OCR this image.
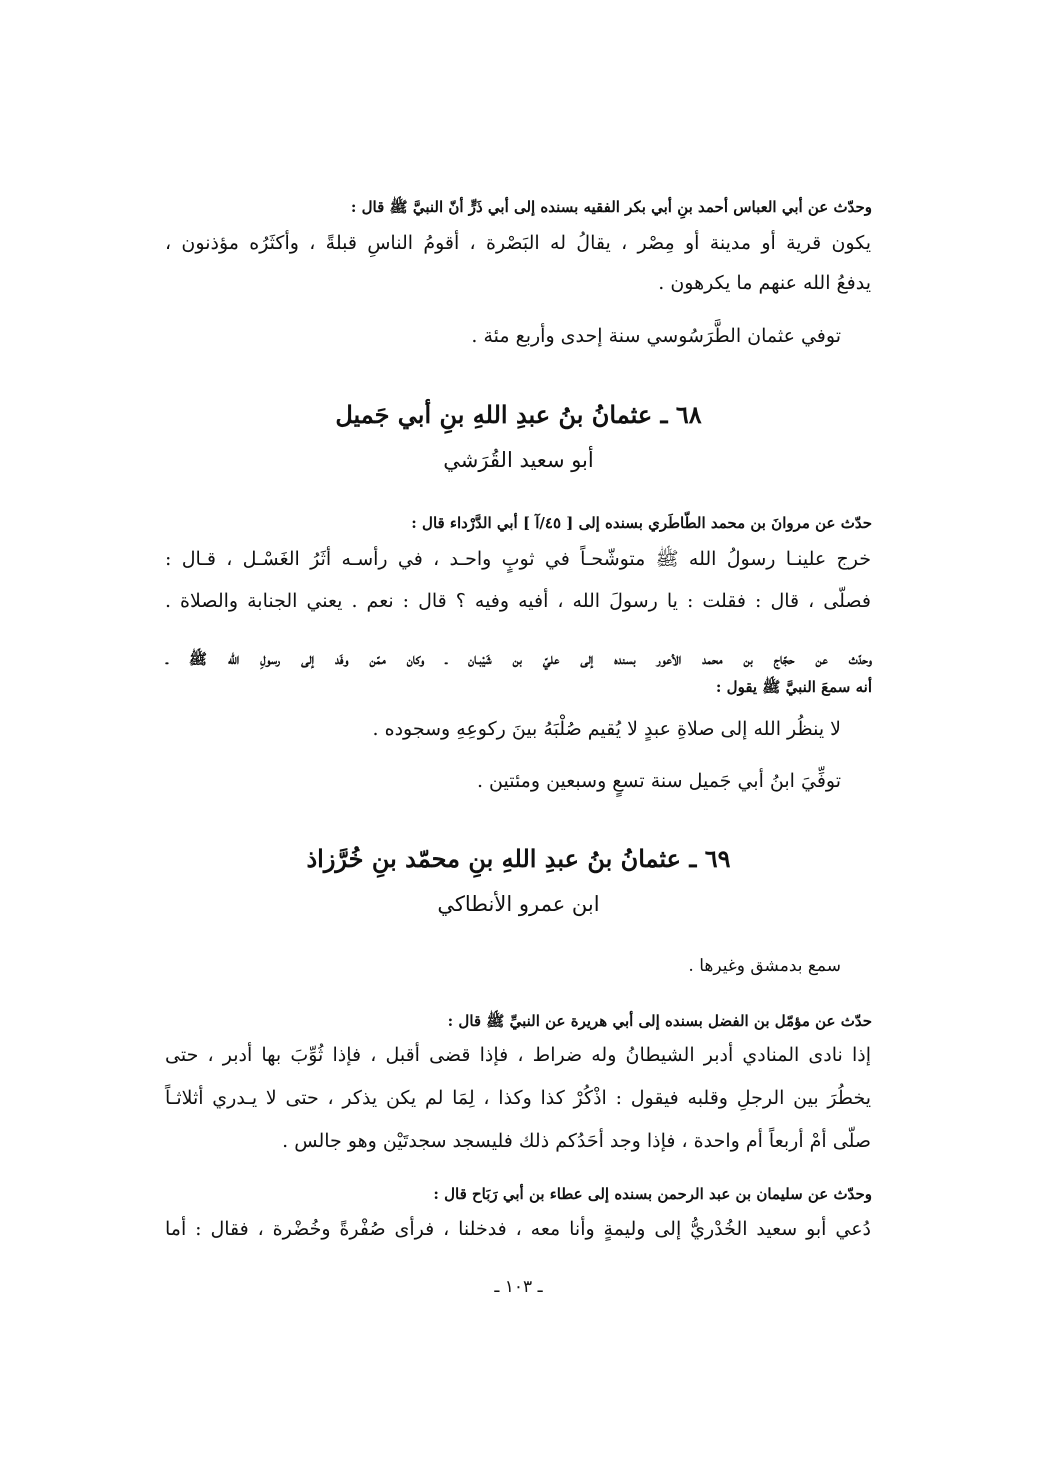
وحدّث عن أبي العباس أحمد بنِ أبي بكر الفقيه بسنده إلى أبي ذَرٍّ أنّ النبيَّ ﷺ قال :
يكون قرية أو مدينة أو مِصْر ، يقالُ له البَصْرة ، أقومُ الناسِ قبلةً ، وأكثَرُه مؤذنون ،
يدفعُ الله عنهم ما يكرهون .
توفي عثمان الطَّرَسُوسي سنة إحدى وأربع مئة .
٦٨ ـ عثمانُ بنُ عبدِ اللهِ بنِ أبي جَميل
أبو سعيد القُرَشي
حدّث عن مروانَ بن محمد الطّاطَري بسنده إلى [ ٤٥/آ ] أبي الدَّرْداء قال :
خرج علينـا رسولُ الله ﷺ متوشّحـاً في ثوبٍ واحـد ، في رأسـه أثَرُ الغَسْـل ، قـال :
فصلّى ، قال : فقلت : يا رسولَ الله ، أفيه وفيه ؟ قال : نعم . يعني الجنابة والصلاة .
وحدّث عن حجّاج بن محمد الأعور بسنده إلى عليّ بن شَيْبـان ـ وكان ممّن وفَد إلى رسولِ الله ﷺ ـ
أنه سمعَ النبيَّ ﷺ يقول :
لا ينظُر الله إلى صلاةِ عبدٍ لا يُقيم صُلْبَهُ بينَ ركوعِهِ وسجوده .
توفِّيَ ابنُ أبي جَميل سنة تسعٍ وسبعين ومئتين .
٦٩ ـ عثمانُ بنُ عبدِ اللهِ بنِ محمّد بنِ خُرَّزاذ
ابن عمرو الأنطاكي
سمع بدمشق وغيرها .
حدّث عن مؤمّل بن الفضل بسنده إلى أبي هريرة عن النبيِّ ﷺ قال :
إذا نادى المنادي أدبر الشيطانُ وله ضراط ، فإذا قضى أقبل ، فإذا ثُوِّبَ بها أدبر ، حتى
يخطُرَ بين الرجلِ وقلبه فيقول : اذْكُرْ كذا وكذا ، لِمَا لم يكن يذكر ، حتى لا يـدري أثلاثـاً
صلّى أمْ أربعاً أم واحدة ، فإذا وجد أحَدُكم ذلك فليسجد سجدتَيْن وهو جالس .
وحدّث عن سليمان بن عبد الرحمن بسنده إلى عطاء بن أبي رَبَاح قال :
دُعي أبو سعيد الخُدْريُّ إلى وليمةٍ وأنا معه ، فدخلنا ، فرأى صُفْرةً وخُضْرة ، فقال : أما
ـ ١٠٣ ـ
